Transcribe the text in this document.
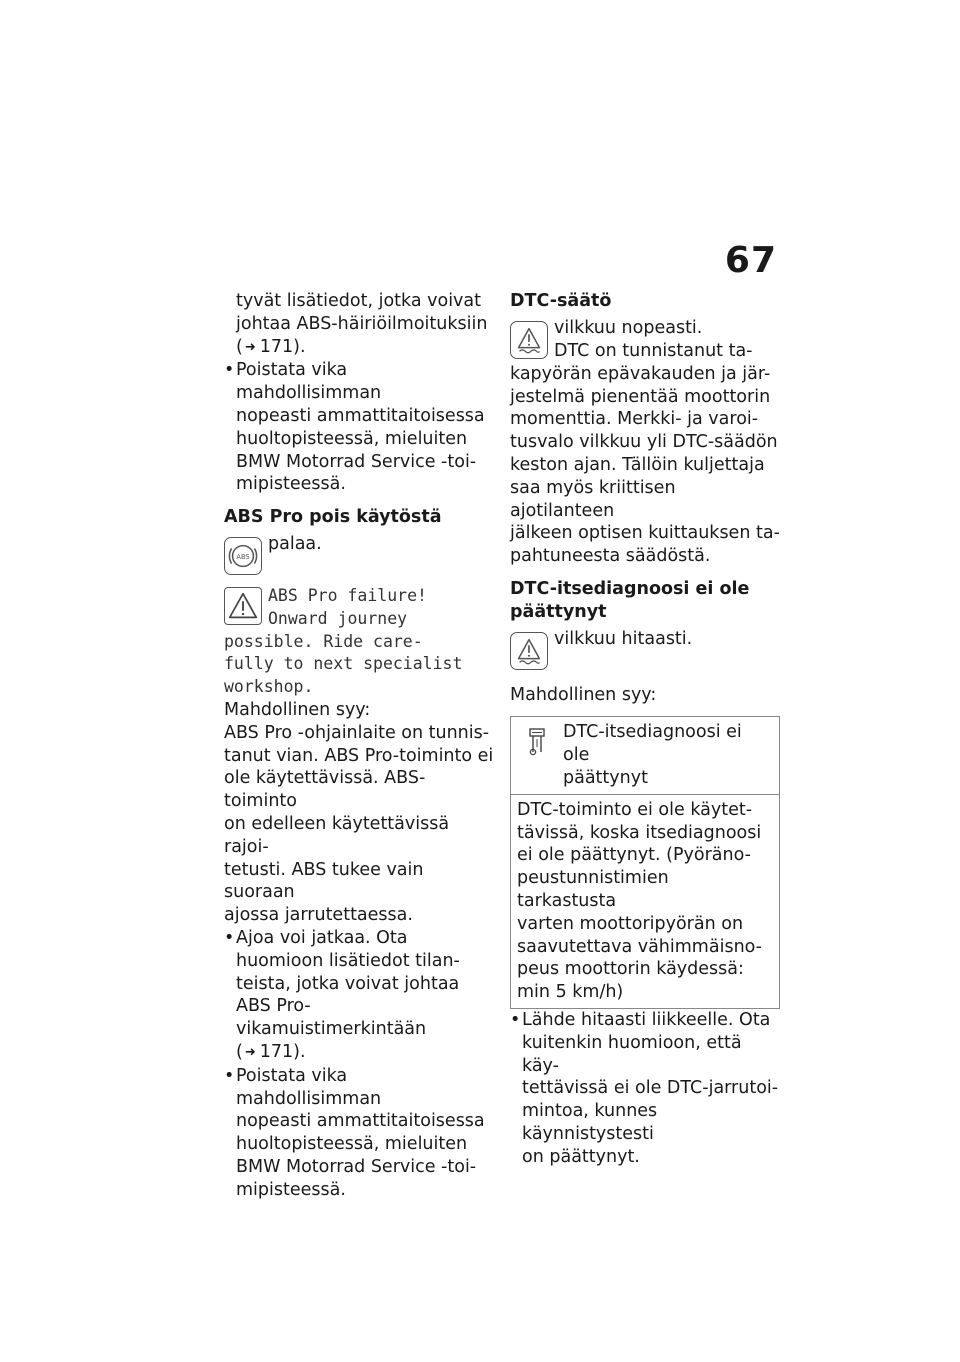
67
tyvät lisätiedot, jotka voivat
johtaa ABS-häiriöilmoituksiin
( ➜ 171).
• Poistata vika mahdollisimman
nopeasti ammattitaitoisessa
huoltopisteessä, mieluiten
BMW Motorrad Service -toi-
mipisteessä.
ABS Pro pois käytöstä
ABS
palaa.
ABS Pro failure!
Onward journey
possible. Ride care-
fully to next specialist
workshop.
Mahdollinen syy:
ABS Pro -ohjainlaite on tunnis-
tanut vian. ABS Pro-toiminto ei
ole käytettävissä. ABS-toiminto
on edelleen käytettävissä rajoi-
tetusti. ABS tukee vain suoraan
ajossa jarrutettaessa.
• Ajoa voi jatkaa. Ota
huomioon lisätiedot tilan-
teista, jotka voivat johtaa
ABS Pro-vikamuistimerkintään
( ➜ 171).
• Poistata vika mahdollisimman
nopeasti ammattitaitoisessa
huoltopisteessä, mieluiten
BMW Motorrad Service -toi-
mipisteessä.
DTC-säätö
vilkkuu nopeasti.
DTC on tunnistanut ta-
kapyörän epävakauden ja jär-
jestelmä pienentää moottorin
momenttia. Merkki- ja varoi-
tusvalo vilkkuu yli DTC-säädön
keston ajan. Tällöin kuljettaja
saa myös kriittisen ajotilanteen
jälkeen optisen kuittauksen ta-
pahtuneesta säädöstä.
DTC-itsediagnoosi ei ole
päättynyt
vilkkuu hitaasti.
Mahdollinen syy:
DTC-itsediagnoosi ei ole
päättynyt
DTC-toiminto ei ole käytet-
tävissä, koska itsediagnoosi
ei ole päättynyt. (Pyöräno-
peustunnistimien tarkastusta
varten moottoripyörän on
saavutettava vähimmäisno-
peus moottorin käydessä:
min 5 km/h)
• Lähde hitaasti liikkeelle. Ota
kuitenkin huomioon, että käy-
tettävissä ei ole DTC-jarrutoi-
mintoa, kunnes käynnistystesti
on päättynyt.
